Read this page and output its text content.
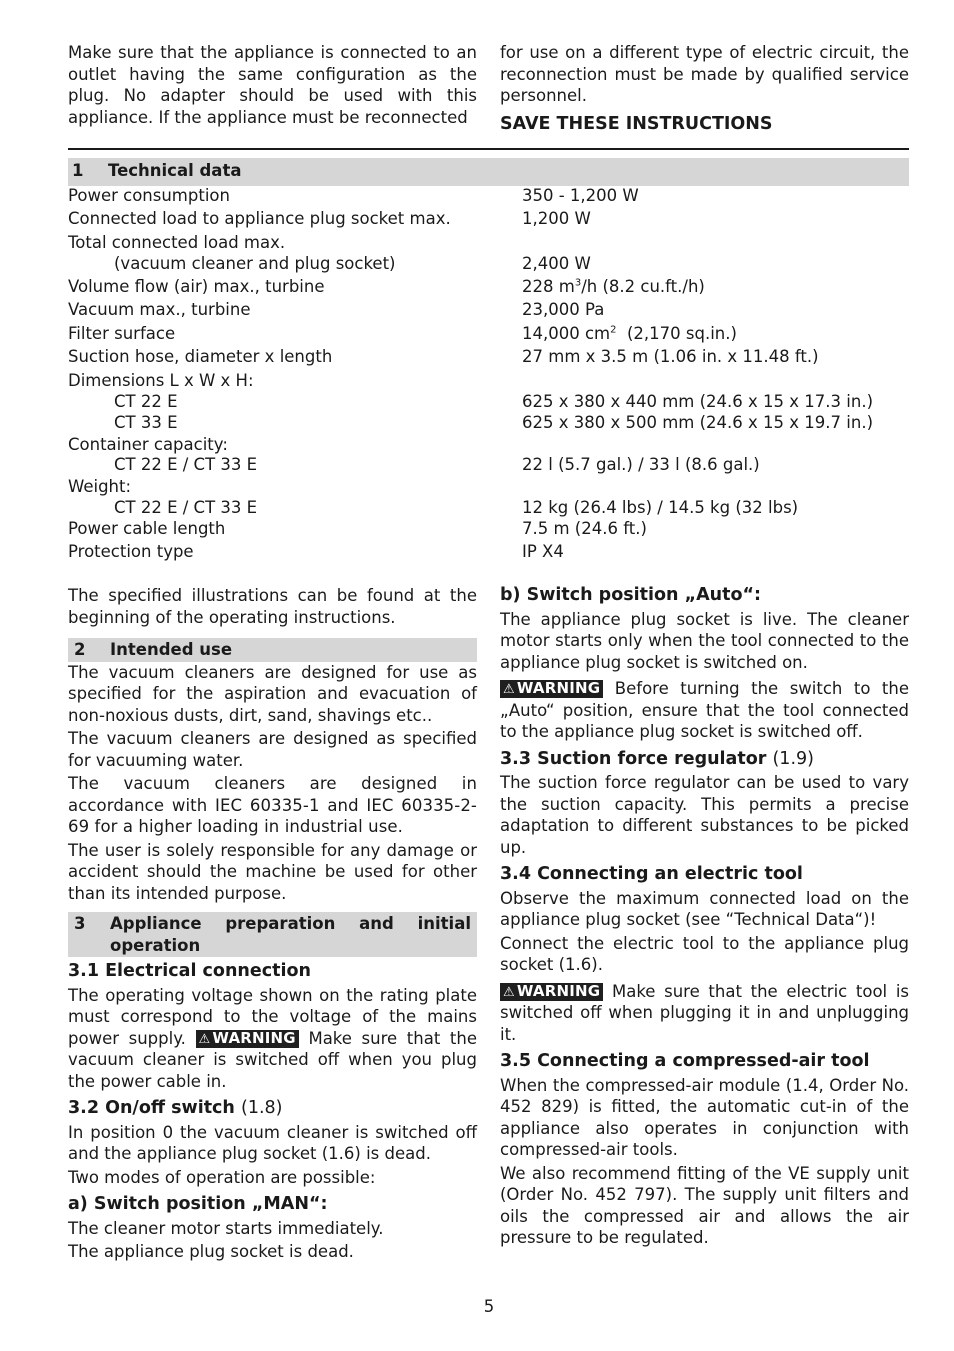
Make sure that the appliance is connected to an outlet having the same configuration as the plug. No adapter should be used with this appliance. If the appliance must be reconnected

for use on a different type of electric circuit, the reconnection must be made by qualified service personnel.

SAVE THESE INSTRUCTIONS

1 Technical data
Power consumption	350 - 1,200 W
Connected load to appliance plug socket max.	1,200 W
Total connected load max.
(vacuum cleaner and plug socket)	2,400 W
Volume flow (air) max., turbine	228 $m^3/h$ (8.2 cu.ft./h)
Vacuum max., turbine	23,000 Pa
Filter surface	14,000 $cm^2$  (2,170 sq.in.)
Suction hose, diameter x length	27 mm x 3.5 m (1.06 in. x 11.48 ft.)
Dimensions L x W x H:
CT 22 E	625 x 380 x 440 mm (24.6 x 15 x 17.3 in.)
CT 33 E	625 x 380 x 500 mm (24.6 x 15 x 19.7 in.)
Container capacity:
CT 22 E / CT 33 E	22 l (5.7 gal.) / 33 l (8.6 gal.)
Weight:
CT 22 E / CT 33 E	12 kg (26.4 lbs) / 14.5 kg (32 lbs)
Power cable length	7.5 m (24.6 ft.)
Protection type	IP X4

The specified illustrations can be found at the beginning of the operating instructions.

2 Intended use

The vacuum cleaners are designed for use as specified for the aspiration and evacuation of non-noxious dusts, dirt, sand, shavings etc..

The vacuum cleaners are designed as specified for vacuuming water.

The vacuum cleaners are designed in accordance with IEC 60335-1 and IEC 60335-2-69 for a higher loading in industrial use.

The user is solely responsible for any damage or accident should the machine be used for other than its intended purpose.

3	Appliance preparation and initial operation

3.1 Electrical connection

The operating voltage shown on the rating plate must correspond to the voltage of the mains power supply. ⚠ WARNING Make sure that the vacuum cleaner is switched off when you plug the power cable in.

3.2 On/off switch (1.8)

In position 0 the vacuum cleaner is switched off and the appliance plug socket (1.6) is dead.

Two modes of operation are possible:

a) Switch position „MAN“:

The cleaner motor starts immediately.

The appliance plug socket is dead.

b) Switch position „Auto“:

The appliance plug socket is live. The cleaner motor starts only when the tool connected to the appliance plug socket is switched on.

⚠ WARNING Before turning the switch to the „Auto“ position, ensure that the tool connected to the appliance plug socket is switched off.

3.3 Suction force regulator (1.9)

The suction force regulator can be used to vary the suction capacity. This permits a precise adaptation to different substances to be picked up.

3.4 Connecting an electric tool

Observe the maximum connected load on the appliance plug socket (see “Technical Data“)!

Connect the electric tool to the appliance plug socket (1.6).

⚠ WARNING Make sure that the electric tool is switched off when plugging it in and unplugging it.

3.5 Connecting a compressed-air tool

When the compressed-air module (1.4, Order No. 452 829) is fitted, the automatic cut-in of the appliance also operates in conjunction with compressed-air tools.

We also recommend fitting of the VE supply unit (Order No. 452 797). The supply unit filters and oils the compressed air and allows the air pressure to be regulated.

5
